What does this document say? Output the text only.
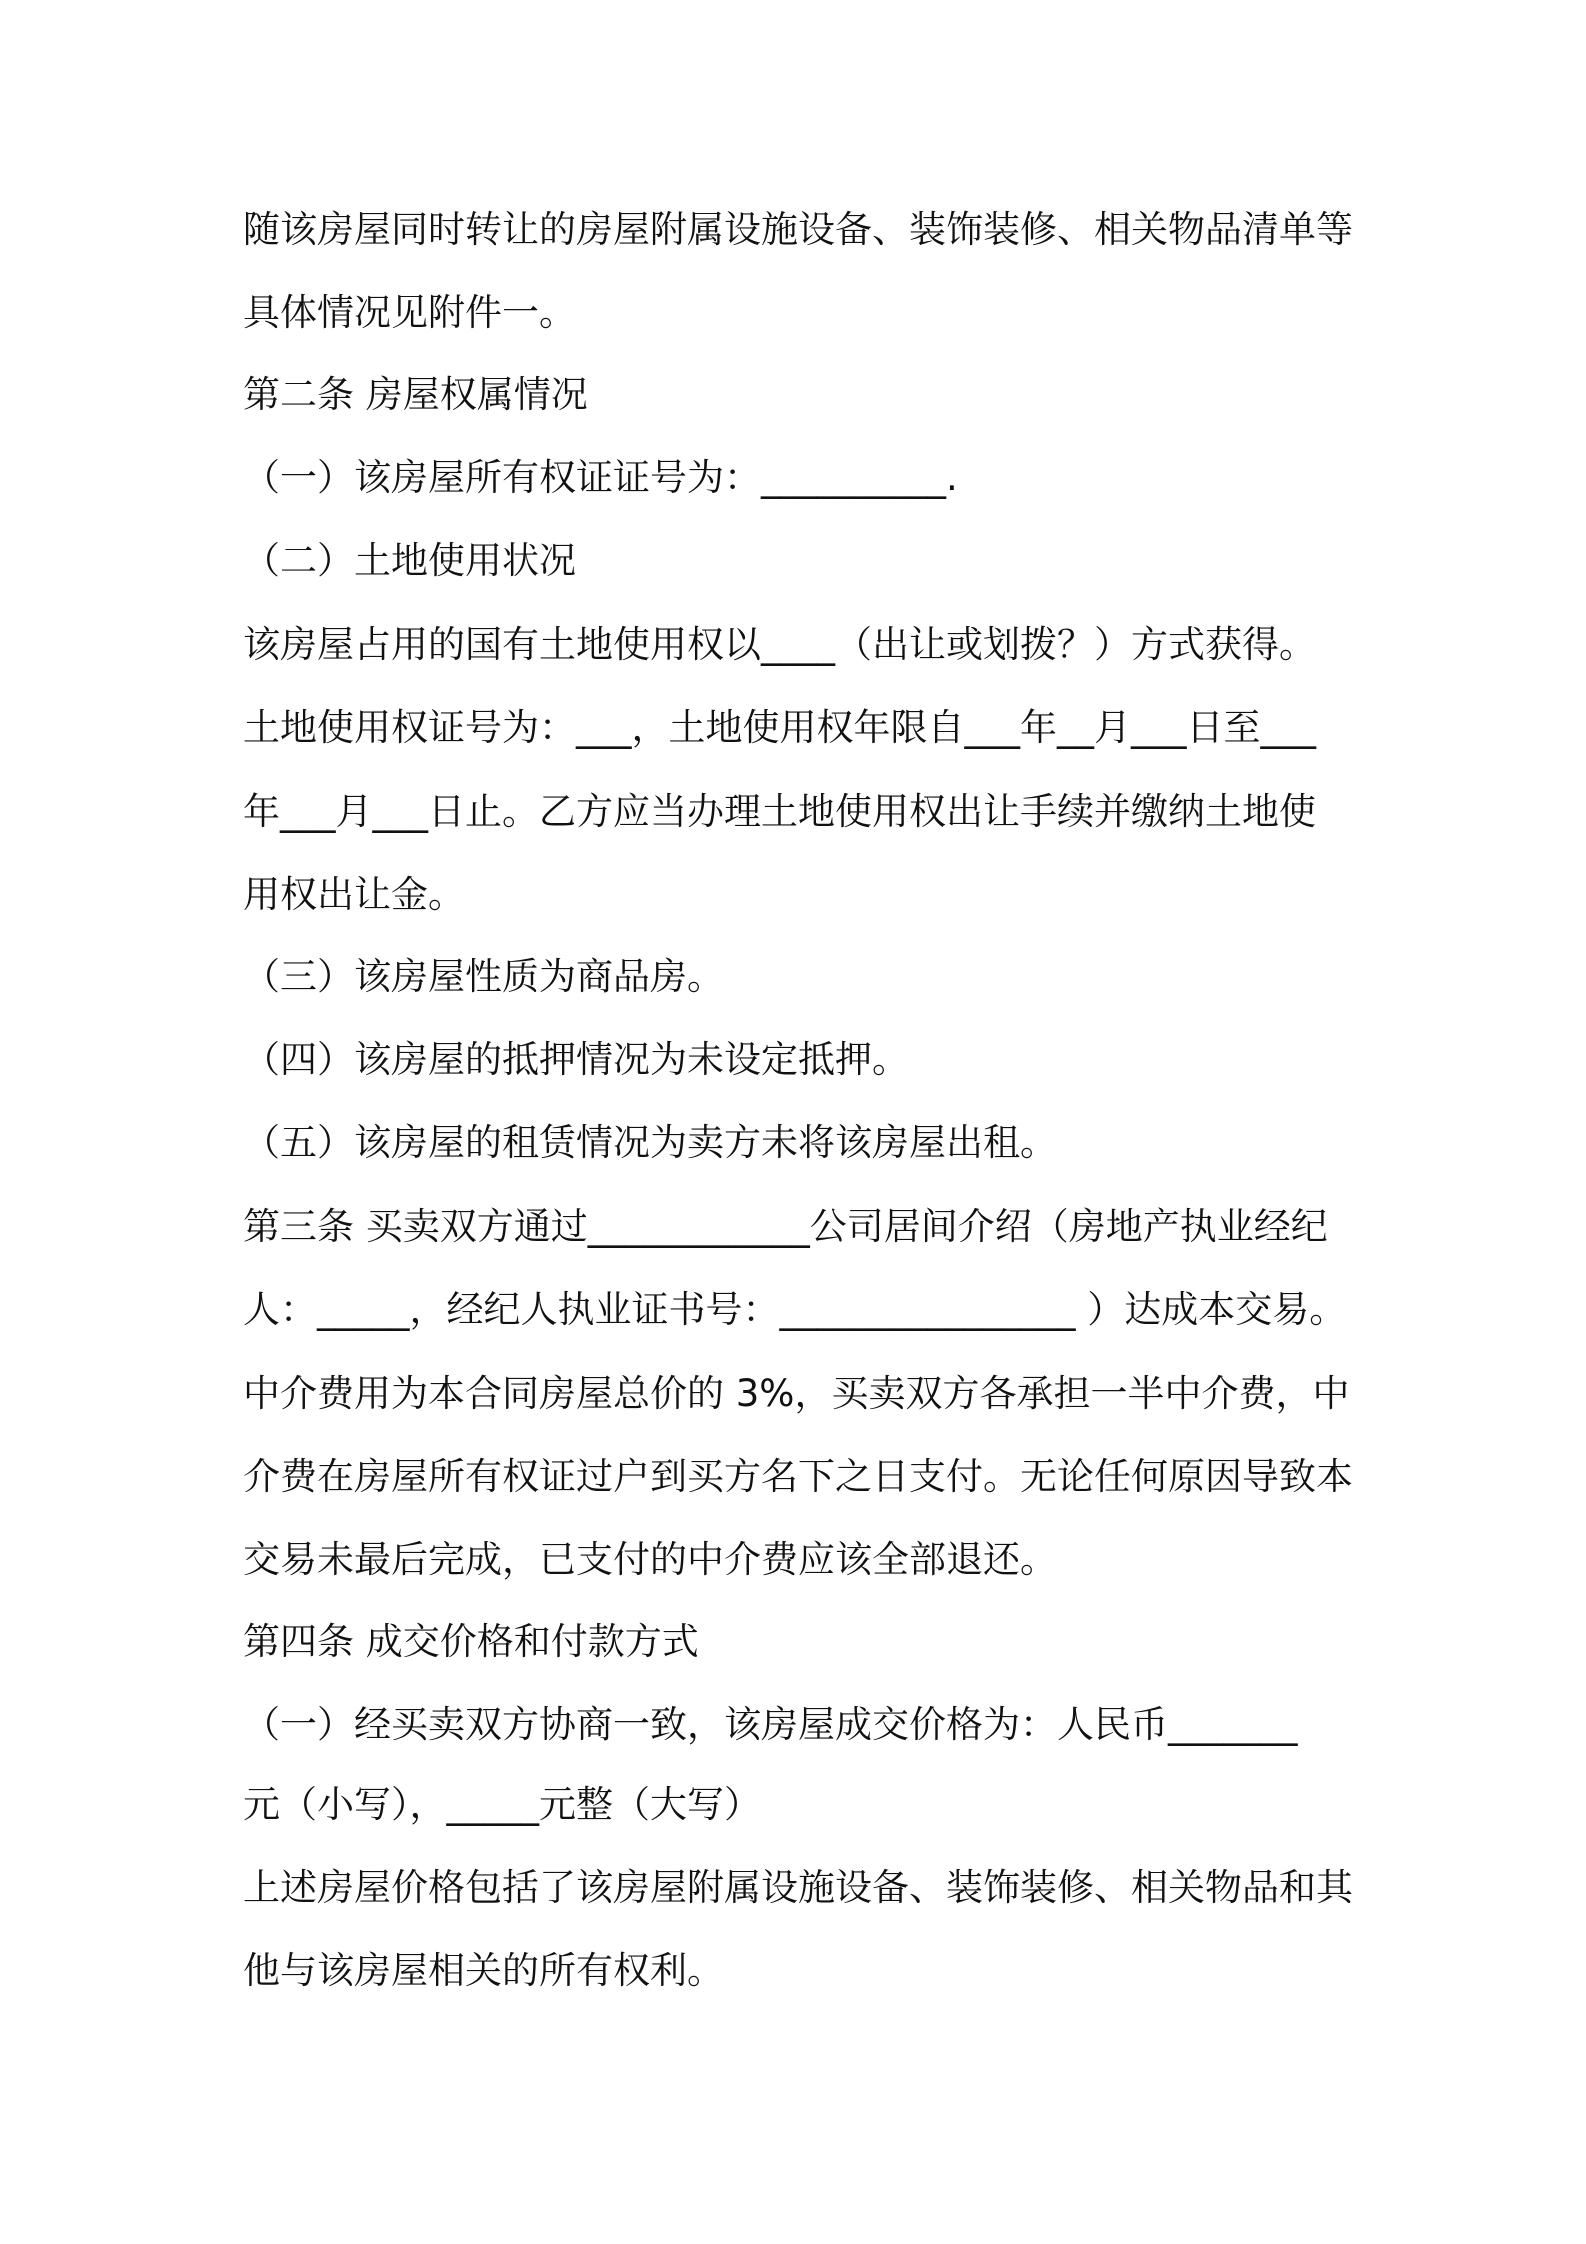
随该房屋同时转让的房屋附属设施设备、装饰装修、相关物品清单等
具体情况见附件一。
第二条 房屋权属情况
（一）该房屋所有权证证号为：__________.
（二）土地使用状况
该房屋占用的国有土地使用权以____（出让或划拨？）方式获得。
土地使用权证号为：___，土地使用权年限自___年__月___日至___
年___月___日止。乙方应当办理土地使用权出让手续并缴纳土地使
用权出让金。
（三）该房屋性质为商品房。
（四）该房屋的抵押情况为未设定抵押。
（五）该房屋的租赁情况为卖方未将该房屋出租。
第三条 买卖双方通过____________公司居间介绍（房地产执业经纪
人：_____，经纪人执业证书号：________________ ）达成本交易。
中介费用为本合同房屋总价的 3%，买卖双方各承担一半中介费，中
介费在房屋所有权证过户到买方名下之日支付。无论任何原因导致本
交易未最后完成，已支付的中介费应该全部退还。
第四条 成交价格和付款方式
（一）经买卖双方协商一致，该房屋成交价格为：人民币_______
元（小写），_____元整（大写）
上述房屋价格包括了该房屋附属设施设备、装饰装修、相关物品和其
他与该房屋相关的所有权利。
